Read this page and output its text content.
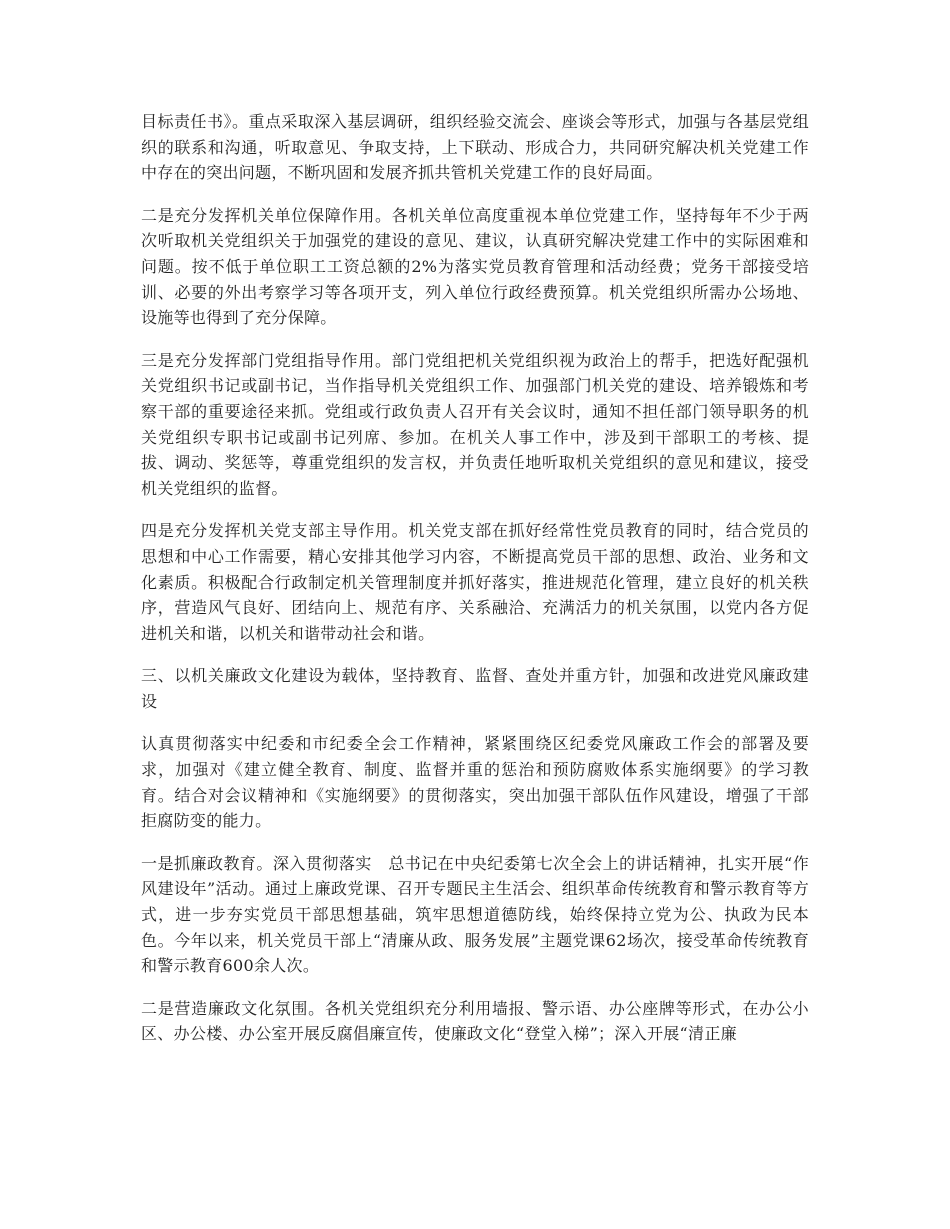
目标责任书》。重点采取深入基层调研，组织经验交流会、座谈会等形式，加强与各基层党组织的联系和沟通，听取意见、争取支持，上下联动、形成合力，共同研究解决机关党建工作中存在的突出问题，不断巩固和发展齐抓共管机关党建工作的良好局面。

二是充分发挥机关单位保障作用。各机关单位高度重视本单位党建工作，坚持每年不少于两次听取机关党组织关于加强党的建设的意见、建议，认真研究解决党建工作中的实际困难和问题。按不低于单位职工工资总额的2%为落实党员教育管理和活动经费；党务干部接受培训、必要的外出考察学习等各项开支，列入单位行政经费预算。机关党组织所需办公场地、设施等也得到了充分保障。

三是充分发挥部门党组指导作用。部门党组把机关党组织视为政治上的帮手，把选好配强机关党组织书记或副书记，当作指导机关党组织工作、加强部门机关党的建设、培养锻炼和考察干部的重要途径来抓。党组或行政负责人召开有关会议时，通知不担任部门领导职务的机关党组织专职书记或副书记列席、参加。在机关人事工作中，涉及到干部职工的考核、提拔、调动、奖惩等，尊重党组织的发言权，并负责任地听取机关党组织的意见和建议，接受机关党组织的监督。

四是充分发挥机关党支部主导作用。机关党支部在抓好经常性党员教育的同时，结合党员的思想和中心工作需要，精心安排其他学习内容，不断提高党员干部的思想、政治、业务和文化素质。积极配合行政制定机关管理制度并抓好落实，推进规范化管理，建立良好的机关秩序，营造风气良好、团结向上、规范有序、关系融洽、充满活力的机关氛围，以党内各方促进机关和谐，以机关和谐带动社会和谐。

三、以机关廉政文化建设为载体，坚持教育、监督、查处并重方针，加强和改进党风廉政建设

认真贯彻落实中纪委和市纪委全会工作精神，紧紧围绕区纪委党风廉政工作会的部署及要求，加强对《建立健全教育、制度、监督并重的惩治和预防腐败体系实施纲要》的学习教育。结合对会议精神和《实施纲要》的贯彻落实，突出加强干部队伍作风建设，增强了干部拒腐防变的能力。

一是抓廉政教育。深入贯彻落实　总书记在中央纪委第七次全会上的讲话精神，扎实开展“作风建设年”活动。通过上廉政党课、召开专题民主生活会、组织革命传统教育和警示教育等方式，进一步夯实党员干部思想基础，筑牢思想道德防线，始终保持立党为公、执政为民本色。今年以来，机关党员干部上“清廉从政、服务发展”主题党课62场次，接受革命传统教育和警示教育600余人次。

二是营造廉政文化氛围。各机关党组织充分利用墙报、警示语、办公座牌等形式，在办公小区、办公楼、办公室开展反腐倡廉宣传，使廉政文化“登堂入梯”；深入开展“清正廉
